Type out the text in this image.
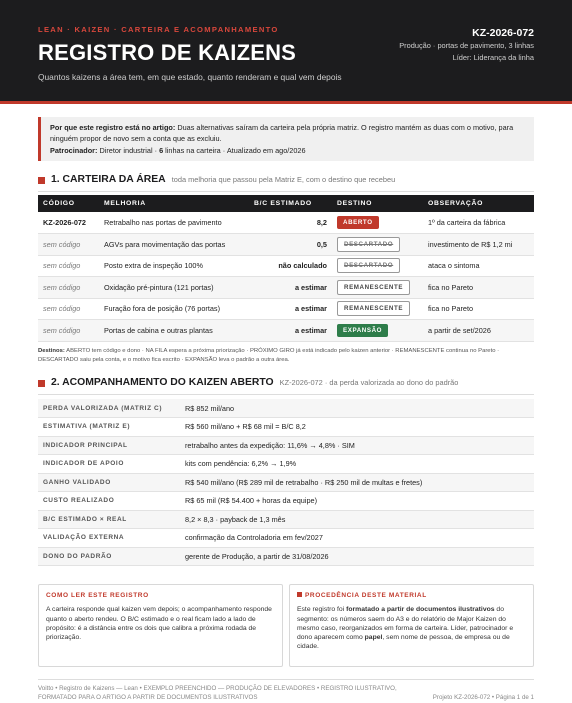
LEAN · KAIZEN · CARTEIRA E ACOMPANHAMENTO
REGISTRO DE KAIZENS
Quantos kaizens a área tem, em que estado, quanto renderam e qual vem depois
KZ-2026-072
Produção · portas de pavimento, 3 linhas
Líder: Liderança da linha
Por que este registro está no artigo: Duas alternativas saíram da carteira pela própria matriz. O registro mantém as duas com o motivo, para ninguém propor de novo sem a conta que as excluiu.
Patrocinador: Diretor industrial · 6 linhas na carteira · Atualizado em ago/2026
1. CARTEIRA DA ÁREA toda melhoria que passou pela Matriz E, com o destino que recebeu
CÓDIGO	MELHORIA	B/C ESTIMADO	DESTINO	OBSERVAÇÃO
KZ-2026-072	Retrabalho nas portas de pavimento	8,2	ABERTO	1º da carteira da fábrica
sem código	AGVs para movimentação das portas	0,5	DESCARTADO	investimento de R$ 1,2 mi
sem código	Posto extra de inspeção 100%	não calculado	DESCARTADO	ataca o sintoma
sem código	Oxidação pré-pintura (121 portas)	a estimar	REMANESCENTE	fica no Pareto
sem código	Furação fora de posição (76 portas)	a estimar	REMANESCENTE	fica no Pareto
sem código	Portas de cabina e outras plantas	a estimar	EXPANSÃO	a partir de set/2026
Destinos: ABERTO tem código e dono · NA FILA espera a próxima priorização · PRÓXIMO GIRO já está indicado pelo kaizen anterior · REMANESCENTE continua no Pareto · DESCARTADO saiu pela conta, e o motivo fica escrito · EXPANSÃO leva o padrão a outra área.
2. ACOMPANHAMENTO DO KAIZEN ABERTO KZ-2026-072 · da perda valorizada ao dono do padrão
PERDA VALORIZADA (MATRIZ C)	R$ 852 mil/ano
ESTIMATIVA (MATRIZ E)	R$ 560 mil/ano + R$ 68 mil = B/C 8,2
INDICADOR PRINCIPAL	retrabalho antes da expedição: 11,6% → 4,8% · SIM
INDICADOR DE APOIO	kits com pendência: 6,2% → 1,9%
GANHO VALIDADO	R$ 540 mil/ano (R$ 289 mil de retrabalho · R$ 250 mil de multas e fretes)
CUSTO REALIZADO	R$ 65 mil (R$ 54.400 + horas da equipe)
B/C ESTIMADO × REAL	8,2 × 8,3 · payback de 1,3 mês
VALIDAÇÃO EXTERNA	confirmação da Controladoria em fev/2027
DONO DO PADRÃO	gerente de Produção, a partir de 31/08/2026
COMO LER ESTE REGISTRO
A carteira responde qual kaizen vem depois; o acompanhamento responde quanto o aberto rendeu. O B/C estimado e o real ficam lado a lado de propósito: é a distância entre os dois que calibra a próxima rodada de priorização.
PROCEDÊNCIA DESTE MATERIAL
Este registro foi formatado a partir de documentos ilustrativos do segmento: os números saem do A3 e do relatório de Major Kaizen do mesmo caso, reorganizados em forma de carteira. Líder, patrocinador e dono aparecem como papel, sem nome de pessoa, de empresa ou de cidade.
Voitto • Registro de Kaizens — Lean • EXEMPLO PREENCHIDO — PRODUÇÃO DE ELEVADORES • REGISTRO ILUSTRATIVO, FORMATADO PARA O ARTIGO A PARTIR DE DOCUMENTOS ILUSTRATIVOS	Projeto KZ-2026-072 • Página 1 de 1
